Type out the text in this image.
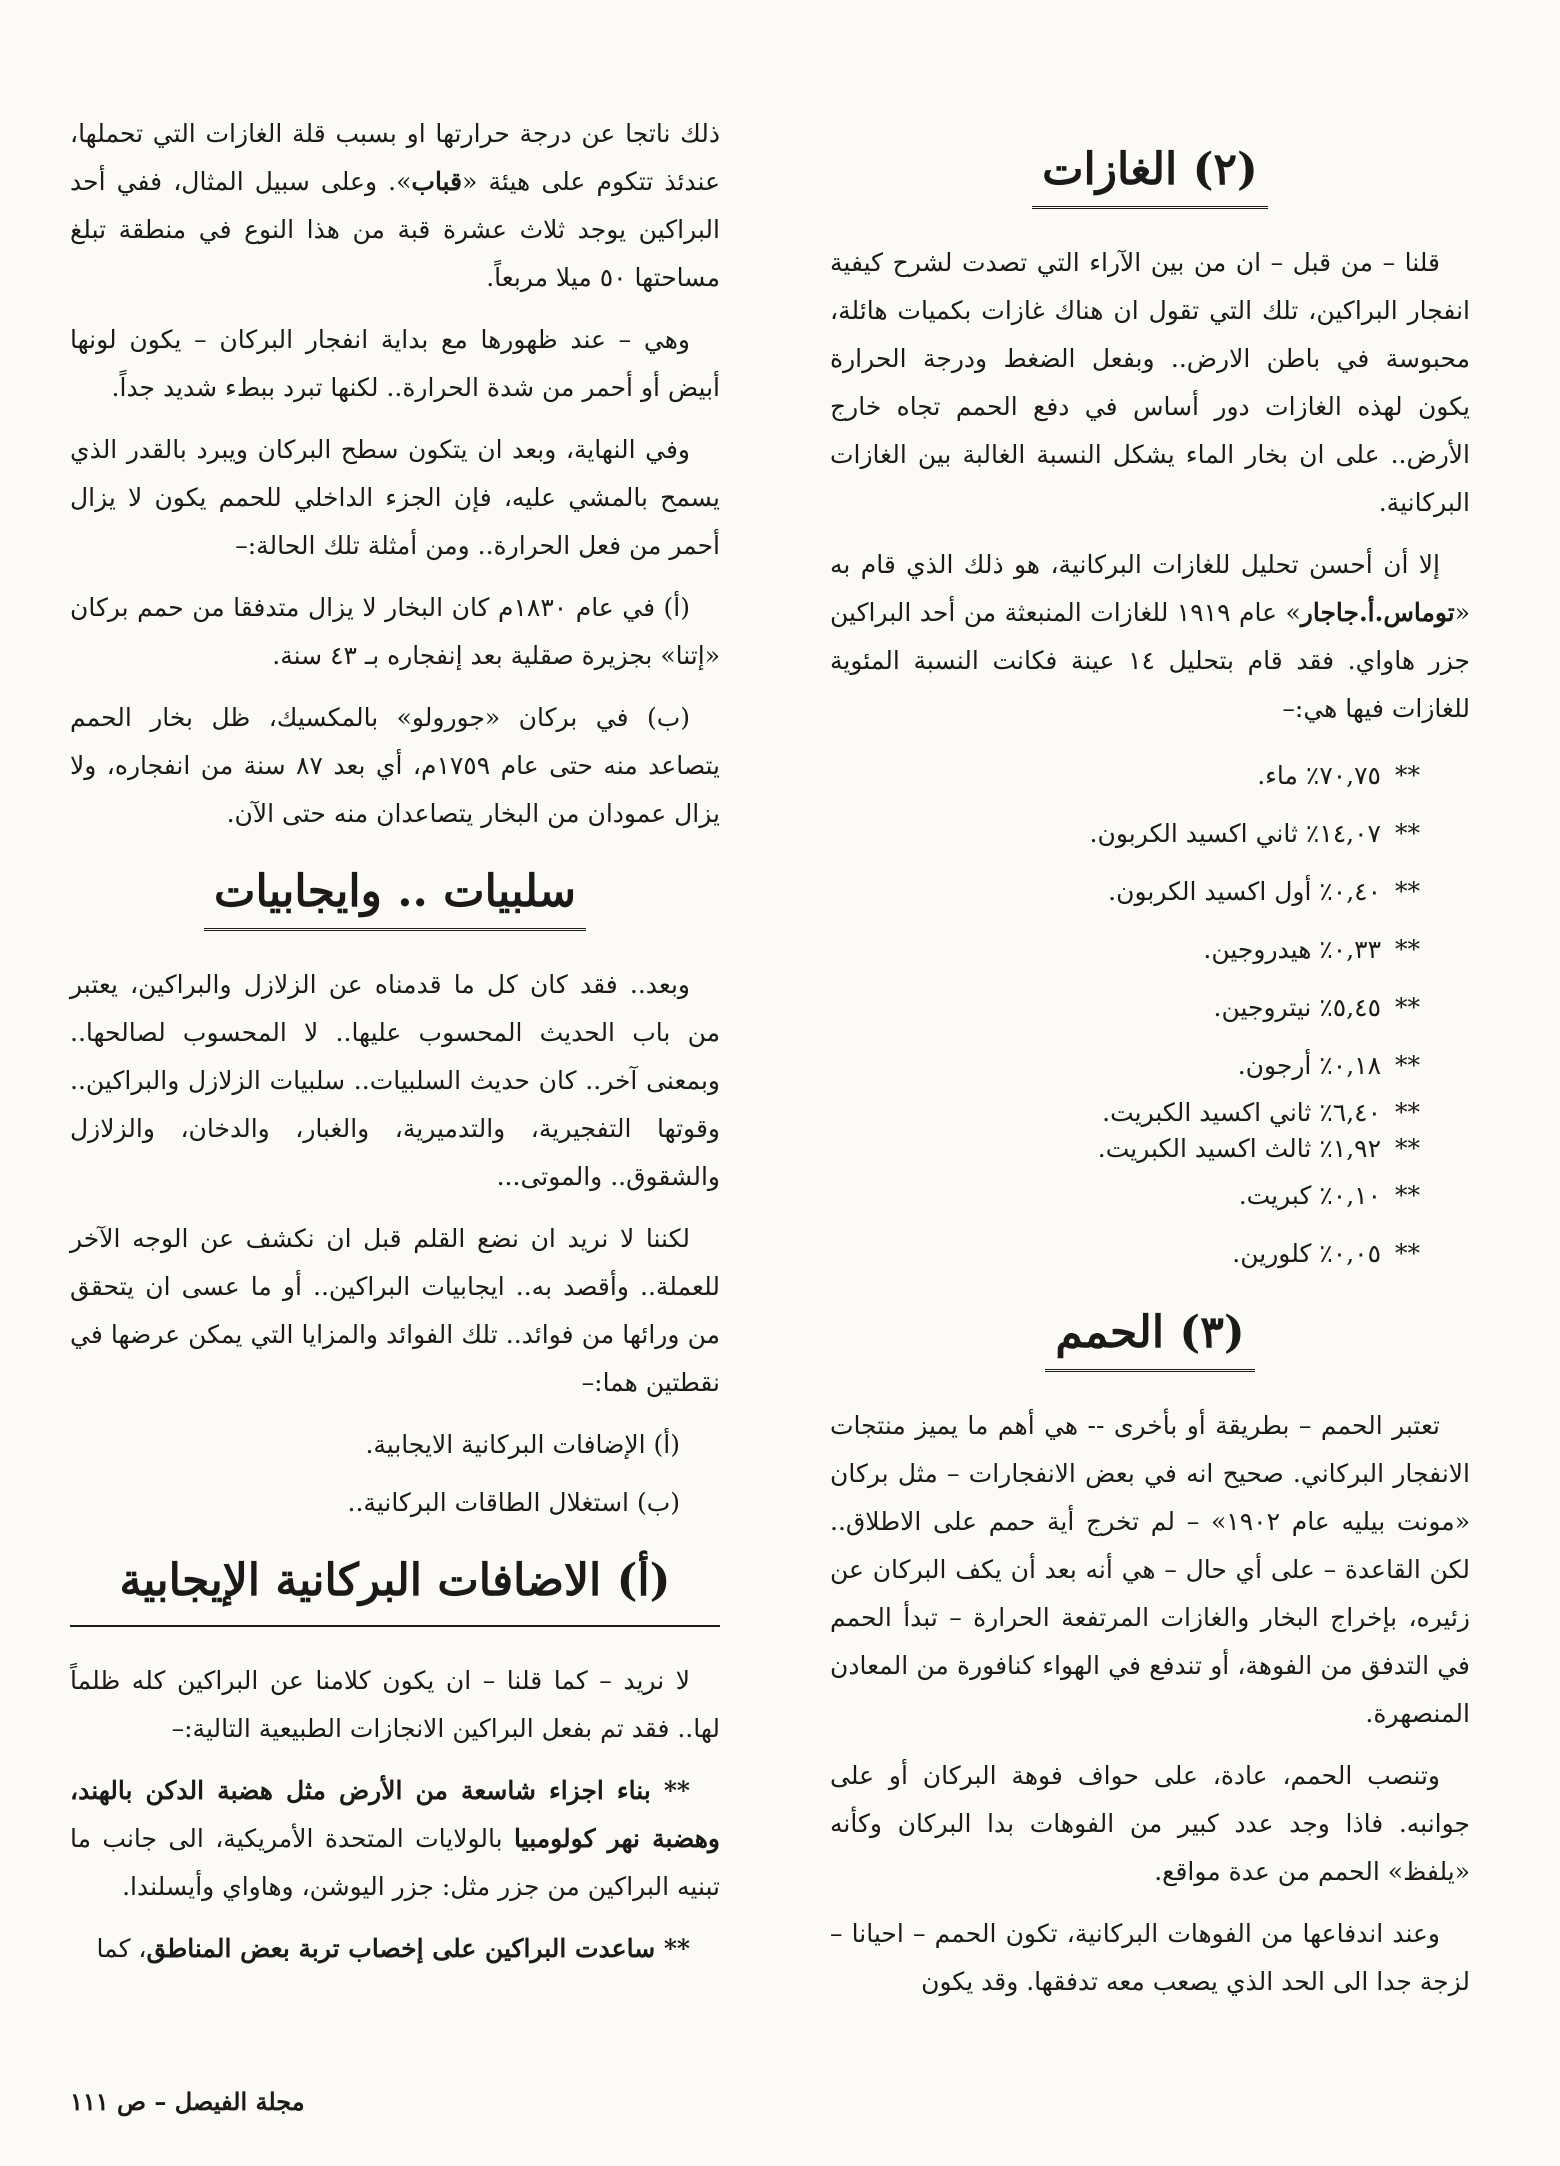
(٢) الغازات

قلنا – من قبل – ان من بين الآراء التي تصدت لشرح كيفية انفجار البراكين، تلك التي تقول ان هناك غازات بكميات هائلة، محبوسة في باطن الارض.. وبفعل الضغط ودرجة الحرارة يكون لهذه الغازات دور أساس في دفع الحمم تجاه خارج الأرض.. على ان بخار الماء يشكل النسبة الغالبة بين الغازات البركانية.

إلا أن أحسن تحليل للغازات البركانية، هو ذلك الذي قام به «توماس.أ.جاجار» عام ١٩١٩ للغازات المنبعثة من أحد البراكين جزر هاواي. فقد قام بتحليل ١٤ عينة فكانت النسبة المئوية للغازات فيها هي:–

**٧٠,٧٥٪ ماء.
**١٤,٠٧٪ ثاني اكسيد الكربون.
**٠,٤٠٪ أول اكسيد الكربون.
**٠,٣٣٪ هيدروجين.
**٥,٤٥٪ نيتروجين.
**٠,١٨٪ أرجون.
**٦,٤٠٪ ثاني اكسيد الكبريت.
**١,٩٢٪ ثالث اكسيد الكبريت.
**٠,١٠٪ كبريت.
**٠,٠٥٪ كلورين.
(٣) الحمم

تعتبر الحمم – بطريقة أو بأخرى -- هي أهم ما يميز منتجات الانفجار البركاني. صحيح انه في بعض الانفجارات – مثل بركان «مونت بيليه عام ١٩٠٢» – لم تخرج أية حمم على الاطلاق.. لكن القاعدة – على أي حال – هي أنه بعد أن يكف البركان عن زئيره، بإخراج البخار والغازات المرتفعة الحرارة – تبدأ الحمم في التدفق من الفوهة، أو تندفع في الهواء كنافورة من المعادن المنصهرة.

وتنصب الحمم، عادة، على حواف فوهة البركان أو على جوانبه. فاذا وجد عدد كبير من الفوهات بدا البركان وكأنه «يلفظ» الحمم من عدة مواقع.

وعند اندفاعها من الفوهات البركانية، تكون الحمم – احيانا – لزجة جدا الى الحد الذي يصعب معه تدفقها. وقد يكون

ذلك ناتجا عن درجة حرارتها او بسبب قلة الغازات التي تحملها، عندئذ تتكوم على هيئة «قباب». وعلى سبيل المثال، ففي أحد البراكين يوجد ثلاث عشرة قبة من هذا النوع في منطقة تبلغ مساحتها ٥٠ ميلا مربعاً.

وهي – عند ظهورها مع بداية انفجار البركان – يكون لونها أبيض أو أحمر من شدة الحرارة.. لكنها تبرد ببطء شديد جداً.

وفي النهاية، وبعد ان يتكون سطح البركان ويبرد بالقدر الذي يسمح بالمشي عليه، فإن الجزء الداخلي للحمم يكون لا يزال أحمر من فعل الحرارة.. ومن أمثلة تلك الحالة:–

(أ) في عام ١٨٣٠م كان البخار لا يزال متدفقا من حمم بركان «إتنا» بجزيرة صقلية بعد إنفجاره بـ ٤٣ سنة.

(ب) في بركان «جورولو» بالمكسيك، ظل بخار الحمم يتصاعد منه حتى عام ١٧٥٩م، أي بعد ٨٧ سنة من انفجاره، ولا يزال عمودان من البخار يتصاعدان منه حتى الآن.

سلبيات .. وايجابيات

وبعد.. فقد كان كل ما قدمناه عن الزلازل والبراكين، يعتبر من باب الحديث المحسوب عليها.. لا المحسوب لصالحها.. وبمعنى آخر.. كان حديث السلبيات.. سلبيات الزلازل والبراكين.. وقوتها التفجيرية، والتدميرية، والغبار، والدخان، والزلازل والشقوق.. والموتى...

لكننا لا نريد ان نضع القلم قبل ان نكشف عن الوجه الآخر للعملة.. وأقصد به.. ايجابيات البراكين.. أو ما عسى ان يتحقق من ورائها من فوائد.. تلك الفوائد والمزايا التي يمكن عرضها في نقطتين هما:–

(أ) الإضافات البركانية الايجابية.

(ب) استغلال الطاقات البركانية..

(أ) الاضافات البركانية الإيجابية

لا نريد – كما قلنا – ان يكون كلامنا عن البراكين كله ظلماً لها.. فقد تم بفعل البراكين الانجازات الطبيعية التالية:–

** بناء اجزاء شاسعة من الأرض مثل هضبة الدكن بالهند، وهضبة نهر كولومبيا بالولايات المتحدة الأمريكية، الى جانب ما تبنيه البراكين من جزر مثل: جزر اليوشن، وهاواي وأيسلندا.

** ساعدت البراكين على إخصاب تربة بعض المناطق، كما

مجلة الفيصل – ص ١١١
